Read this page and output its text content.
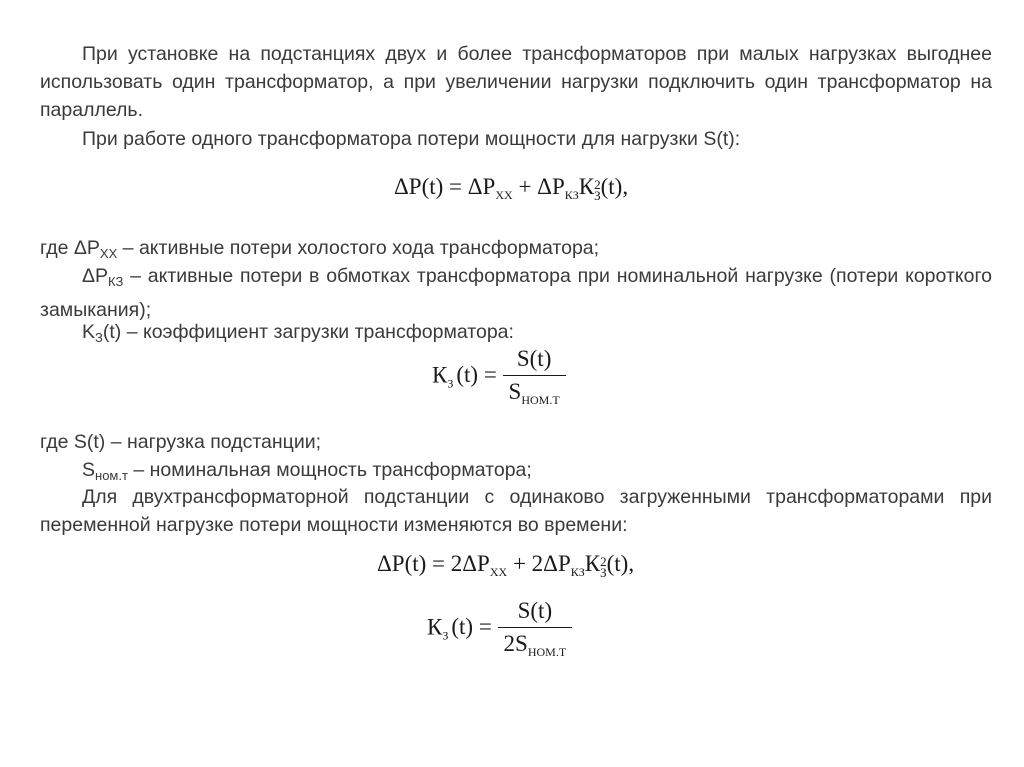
При установке на подстанциях двух и более трансформаторов при малых нагрузках выгоднее использовать один трансформатор, а при увеличении нагрузки подключить один трансформатор на параллель.

При работе одного трансформатора потери мощности для нагрузки S(t):

$\Delta P(t) = \Delta P_{ХХ} + \Delta P_{КЗ}К$ 2
З (t),

где $\Delta P_{XX}$ – активные потери холостого хода трансформатора;

$\Delta P_{КЗ}$ – активные потери в обмотках трансформатора при номинальной нагрузке (потери короткого замыкания);

$K_З(t)$ – коэффициент загрузки трансформатора:

$К_З$ $(t) = \frac{S(t)}{S_{НОМ.Т}}$

где S(t) – нагрузка подстанции;

$S_{ном.т}$ – номинальная мощность трансформатора;

Для двухтрансформаторной подстанции с одинаково загруженными трансформаторами при переменной нагрузке потери мощности изменяются во времени:

$\Delta P(t) = 2\Delta P_{ХХ} + 2\Delta P_{КЗ}К$ 2
З (t),
$К_З$ $(t) = \frac{S(t)}{2S_{НОМ.Т}}$
